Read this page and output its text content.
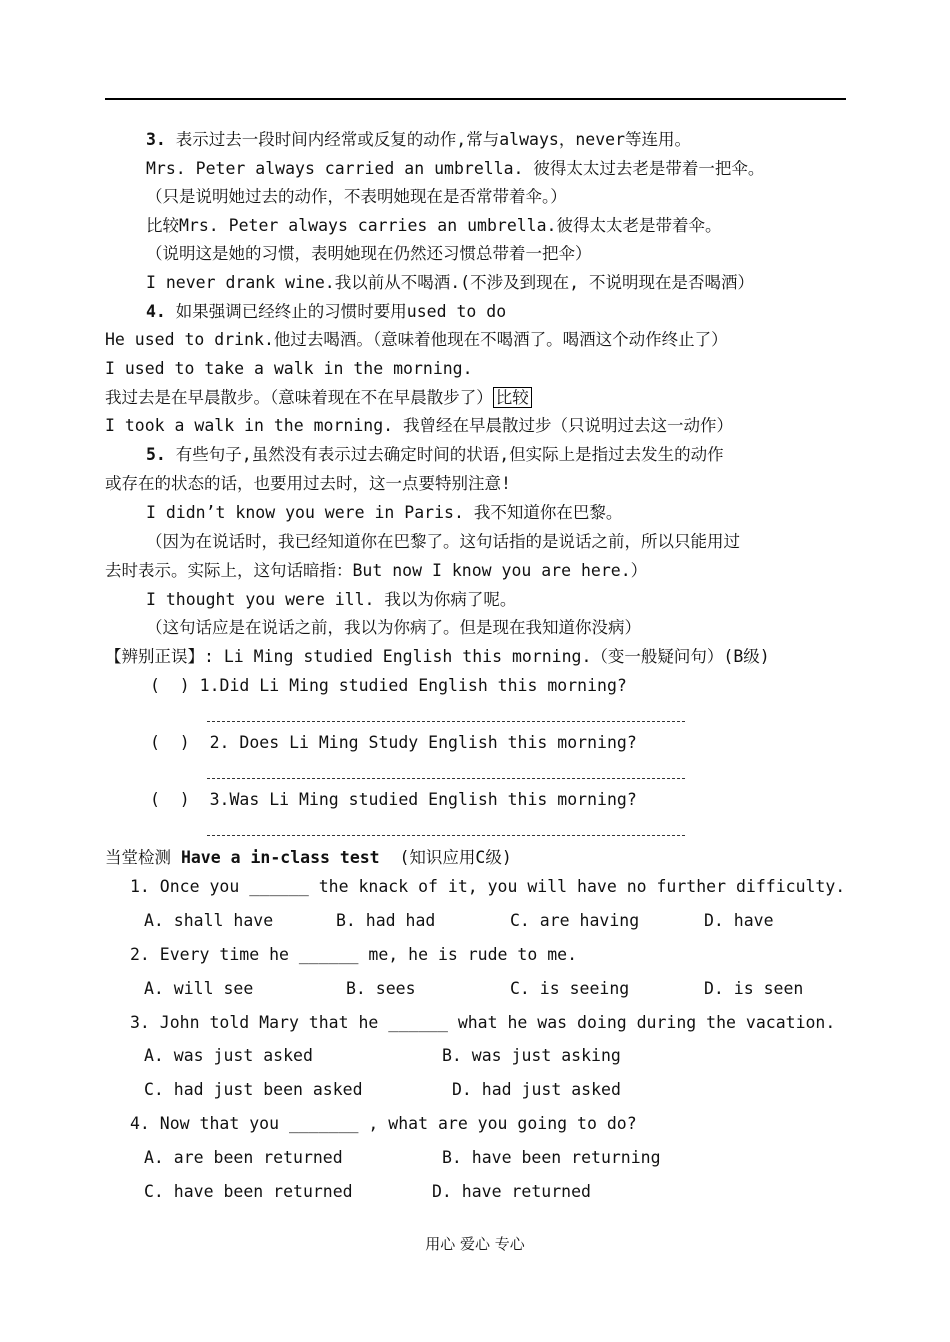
3. 表示过去一段时间内经常或反复的动作,常与always，never等连用。
Mrs. Peter always carried an umbrella. 彼得太太过去老是带着一把伞。
（只是说明她过去的动作，不表明她现在是否常带着伞。）
比较Mrs. Peter always carries an umbrella.彼得太太老是带着伞。
（说明这是她的习惯，表明她现在仍然还习惯总带着一把伞）
I never drank wine.我以前从不喝酒.(不涉及到现在, 不说明现在是否喝酒）
4. 如果强调已经终止的习惯时要用used to do
He used to drink.他过去喝酒。（意味着他现在不喝酒了。喝酒这个动作终止了）
I used to take a walk in the morning.
我过去是在早晨散步。（意味着现在不在早晨散步了） 比较
I took a walk in the morning. 我曾经在早晨散过步（只说明过去这一动作）
5. 有些句子,虽然没有表示过去确定时间的状语,但实际上是指过去发生的动作
或存在的状态的话，也要用过去时，这一点要特别注意!
I didn’t know you were in Paris. 我不知道你在巴黎。
（因为在说话时，我已经知道你在巴黎了。这句话指的是说话之前，所以只能用过
去时表示。实际上，这句话暗指：But now I know you are here.）
I thought you were ill. 我以为你病了呢。
（这句话应是在说话之前，我以为你病了。但是现在我知道你没病）
【辨别正误】: Li Ming studied English this morning.（变一般疑问句）(B级)
(  ) 1.Did Li Ming studied English this morning?
(  )  2. Does Li Ming Study English this morning?
(  )  3.Was Li Ming studied English this morning?
当堂检测 Have a in-class test  (知识应用C级)
1. Once you ______ the knack of it, you will have no further difficulty.
A. shall have	B. had had	C. are having	D. have
2. Every time he ______ me, he is rude to me.
A. will see	B. sees	C. is seeing	D. is seen
3. John told Mary that he ______ what he was doing during the vacation.
A. was just asked	B. was just asking
C. had just been asked	D. had just asked
4. Now that you _______ , what are you going to do?
A. are been returned	B. have been returning
C. have been returned	D. have returned
用心 爱心 专心
